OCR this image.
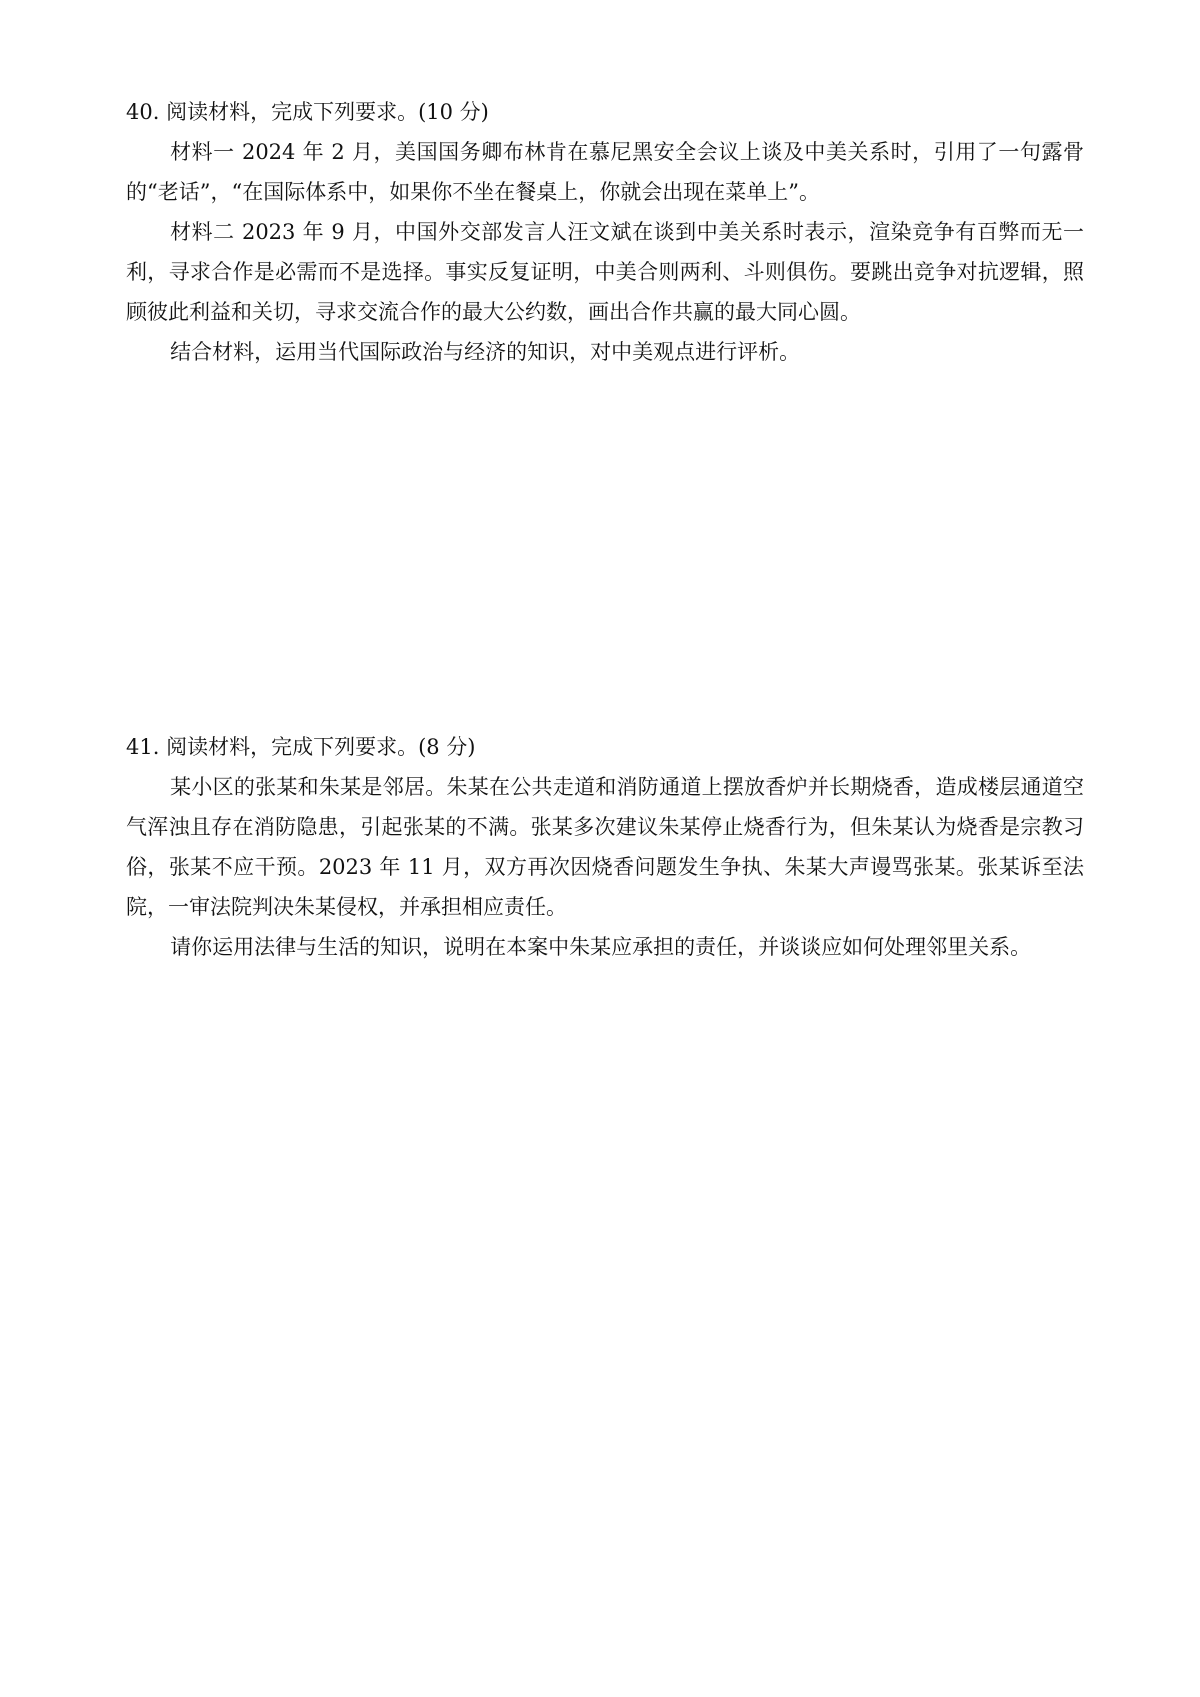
40. 阅读材料，完成下列要求。(10 分)

材料一 2024 年 2 月，美国国务卿布林肯在慕尼黑安全会议上谈及中美关系时，引用了一句露骨的“老话”，“在国际体系中，如果你不坐在餐桌上，你就会出现在菜单上”。

材料二 2023 年 9 月，中国外交部发言人汪文斌在谈到中美关系时表示，渲染竞争有百弊而无一利，寻求合作是必需而不是选择。事实反复证明，中美合则两利、斗则俱伤。要跳出竞争对抗逻辑，照顾彼此利益和关切，寻求交流合作的最大公约数，画出合作共赢的最大同心圆。

结合材料，运用当代国际政治与经济的知识，对中美观点进行评析。

41. 阅读材料，完成下列要求。(8 分)

某小区的张某和朱某是邻居。朱某在公共走道和消防通道上摆放香炉并长期烧香，造成楼层通道空气浑浊且存在消防隐患，引起张某的不满。张某多次建议朱某停止烧香行为，但朱某认为烧香是宗教习俗，张某不应干预。2023 年 11 月，双方再次因烧香问题发生争执、朱某大声谩骂张某。张某诉至法院，一审法院判决朱某侵权，并承担相应责任。

请你运用法律与生活的知识，说明在本案中朱某应承担的责任，并谈谈应如何处理邻里关系。
